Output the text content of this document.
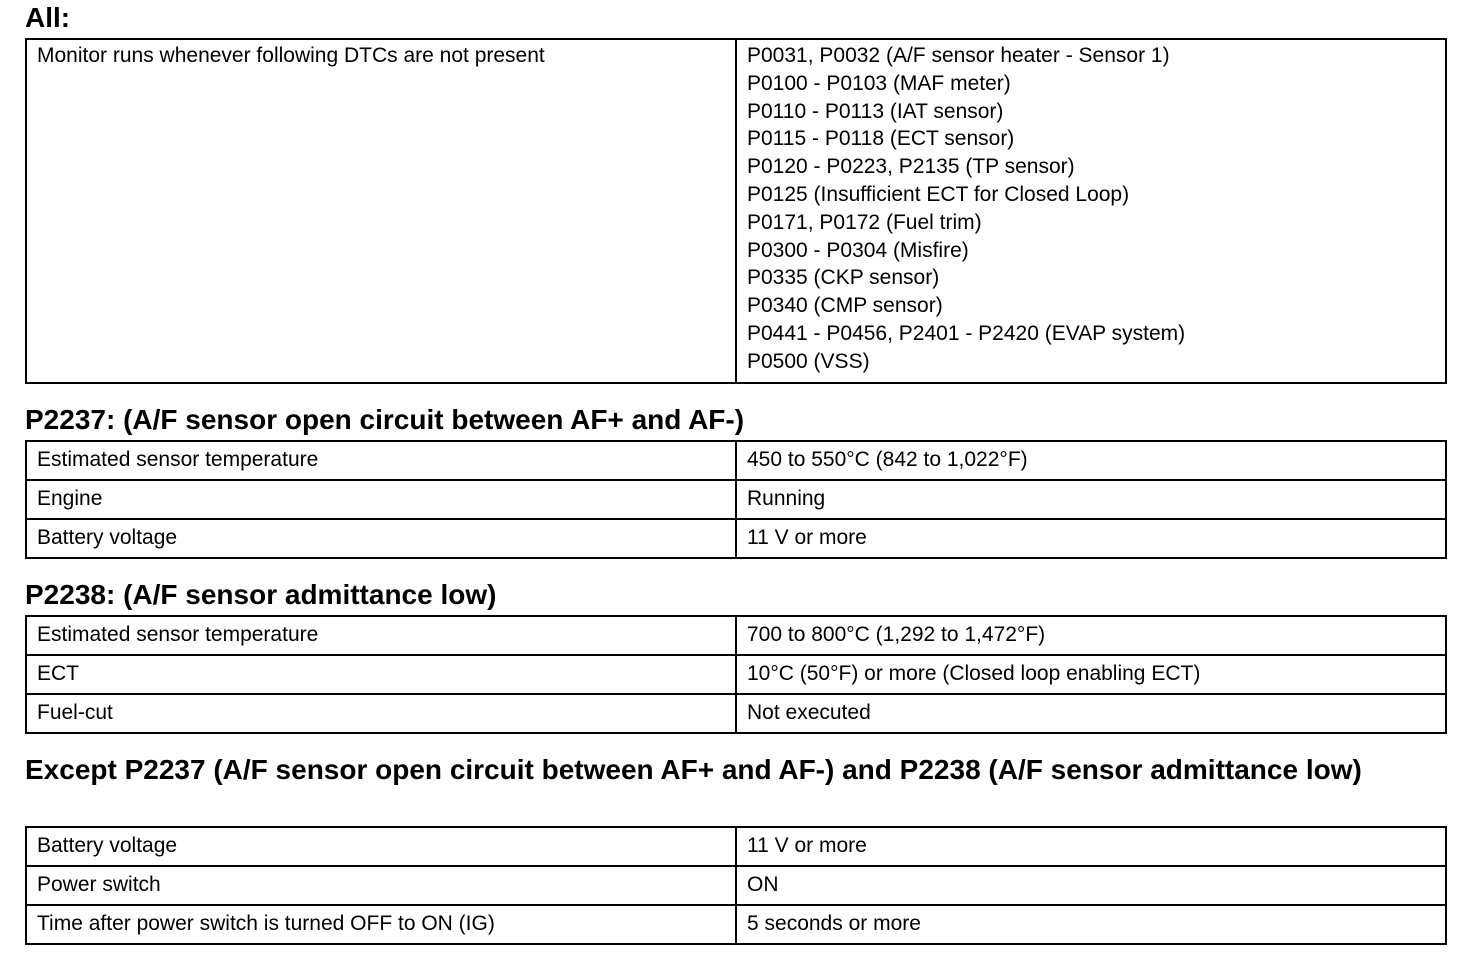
All:
Monitor runs whenever following DTCs are not present	P0031, P0032 (A/F sensor heater - Sensor 1)
P0100 - P0103 (MAF meter)
P0110 - P0113 (IAT sensor)
P0115 - P0118 (ECT sensor)
P0120 - P0223, P2135 (TP sensor)
P0125 (Insufficient ECT for Closed Loop)
P0171, P0172 (Fuel trim)
P0300 - P0304 (Misfire)
P0335 (CKP sensor)
P0340 (CMP sensor)
P0441 - P0456, P2401 - P2420 (EVAP system)
P0500 (VSS)
P2237: (A/F sensor open circuit between AF+ and AF-)
Estimated sensor temperature	450 to 550°C (842 to 1,022°F)
Engine	Running
Battery voltage	11 V or more
P2238: (A/F sensor admittance low)
Estimated sensor temperature	700 to 800°C (1,292 to 1,472°F)
ECT	10°C (50°F) or more (Closed loop enabling ECT)
Fuel-cut	Not executed
Except P2237 (A/F sensor open circuit between AF+ and AF-) and P2238 (A/F sensor admittance low)
Battery voltage	11 V or more
Power switch	ON
Time after power switch is turned OFF to ON (IG)	5 seconds or more
